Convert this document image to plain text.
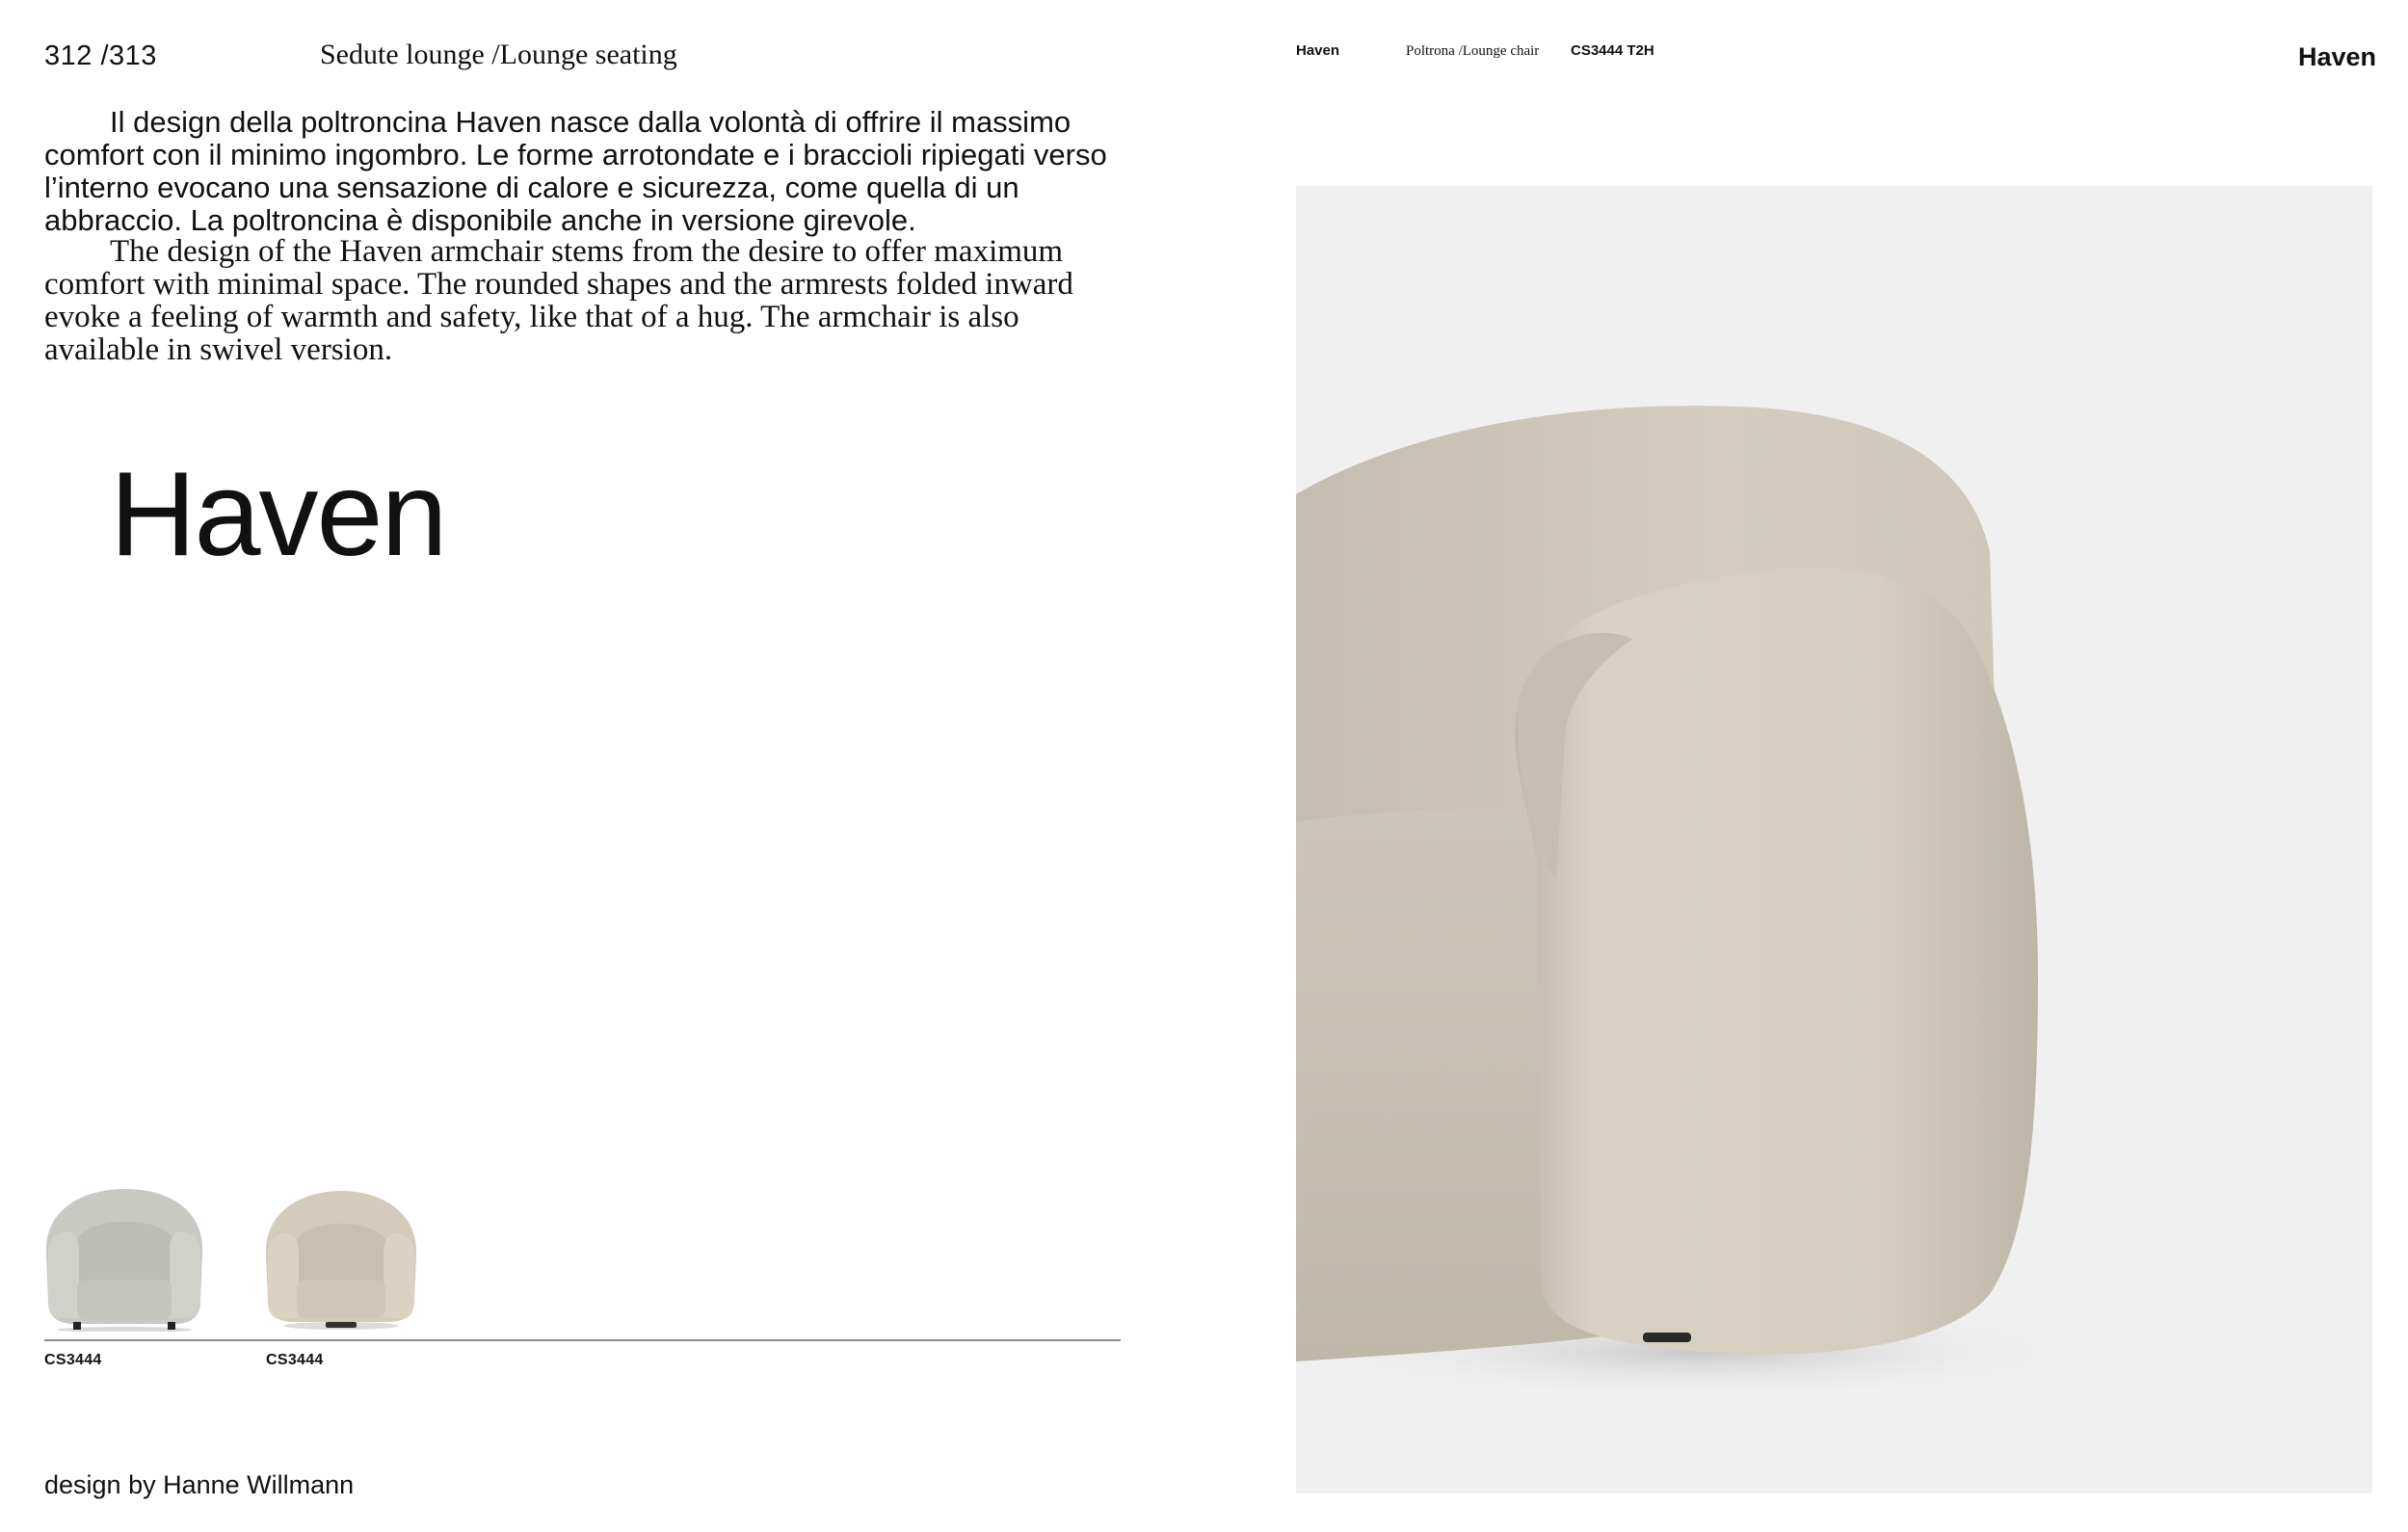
312 /313	Sedute lounge /Lounge seating
Il design della poltroncina Haven nasce dalla volontà di offrire il massimo comfort con il minimo ingombro. Le forme arrotondate e i braccioli ripiegati verso l’interno evocano una sensazione di calore e sicurezza, come quella di un abbraccio. La poltroncina è disponibile anche in versione girevole.
The design of the Haven armchair stems from the desire to offer maximum comfort with minimal space. The rounded shapes and the armrests folded inward evoke a feeling of warmth and safety, like that of a hug. The armchair is also available in swivel version.
Haven
CS3444	CS3444
design by Hanne Willmann
Haven	Poltrona /Lounge chair CS3444 T2H	Haven
